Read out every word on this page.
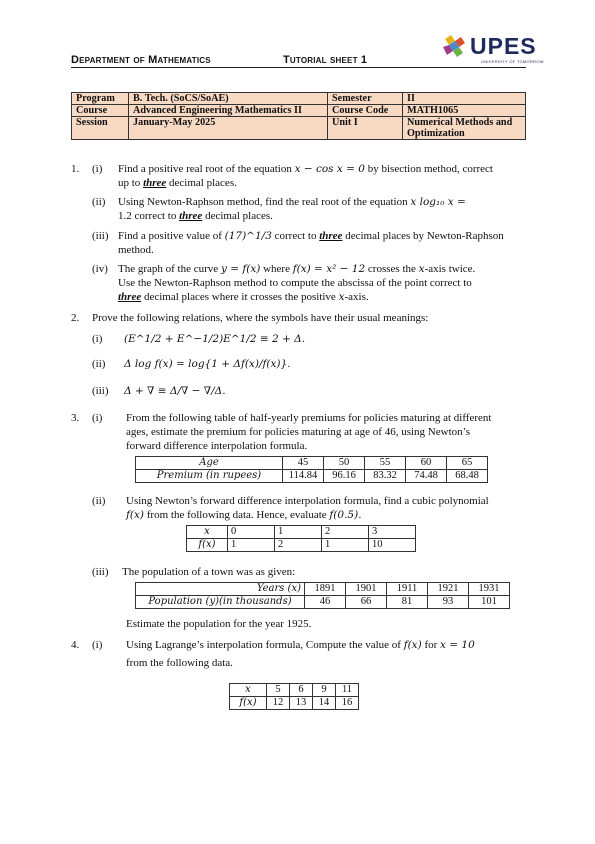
Department of Mathematics	Tutorial sheet 1
UPES
UNIVERSITY OF TOMORROW
Program	B. Tech. (SoCS/SoAE)	Semester	II
Course	Advanced Engineering Mathematics II	Course Code	MATH1065
Session	January-May 2025	Unit I	Numerical Methods and Optimization
1. (i) Find a positive real root of the equation x − cos x = 0 by bisection method, correct
up to three decimal places.
(ii) Using Newton-Raphson method, find the real root of the equation x log₁₀ x =
1.2 correct to three decimal places.
(iii) Find a positive value of (17)^1/3 correct to three decimal places by Newton-Raphson
method.
(iv) The graph of the curve y = f(x) where f(x) = x² − 12 crosses the x-axis twice.
Use the Newton-Raphson method to compute the abscissa of the point correct to
three decimal places where it crosses the positive x-axis.
2. Prove the following relations, where the symbols have their usual meanings:
(i) (E^1/2 + E^−1/2)E^1/2 ≡ 2 + Δ.
(ii) Δ log f(x) = log{1 + Δf(x)/f(x)}.
(iii) Δ + ∇ ≡ Δ/∇ − ∇/Δ.
3. (i) From the following table of half-yearly premiums for policies maturing at different
ages, estimate the premium for policies maturing at age of 46, using Newton’s
forward difference interpolation formula.
Age	45	50	55	60	65
Premium (in rupees)	114.84	96.16	83.32	74.48	68.48
(ii) Using Newton’s forward difference interpolation formula, find a cubic polynomial
f(x) from the following data. Hence, evaluate f(0.5).
x	0	1	2	3
f(x)	1	2	1	10
(iii) The population of a town was as given:
Years (x)	1891	1901	1911	1921	1931
Population (y)(in thousands)	46	66	81	93	101
Estimate the population for the year 1925.
4. (i) Using Lagrange’s interpolation formula, Compute the value of f(x) for x = 10
from the following data.
x	5	6	9	11
f(x)	12	13	14	16
